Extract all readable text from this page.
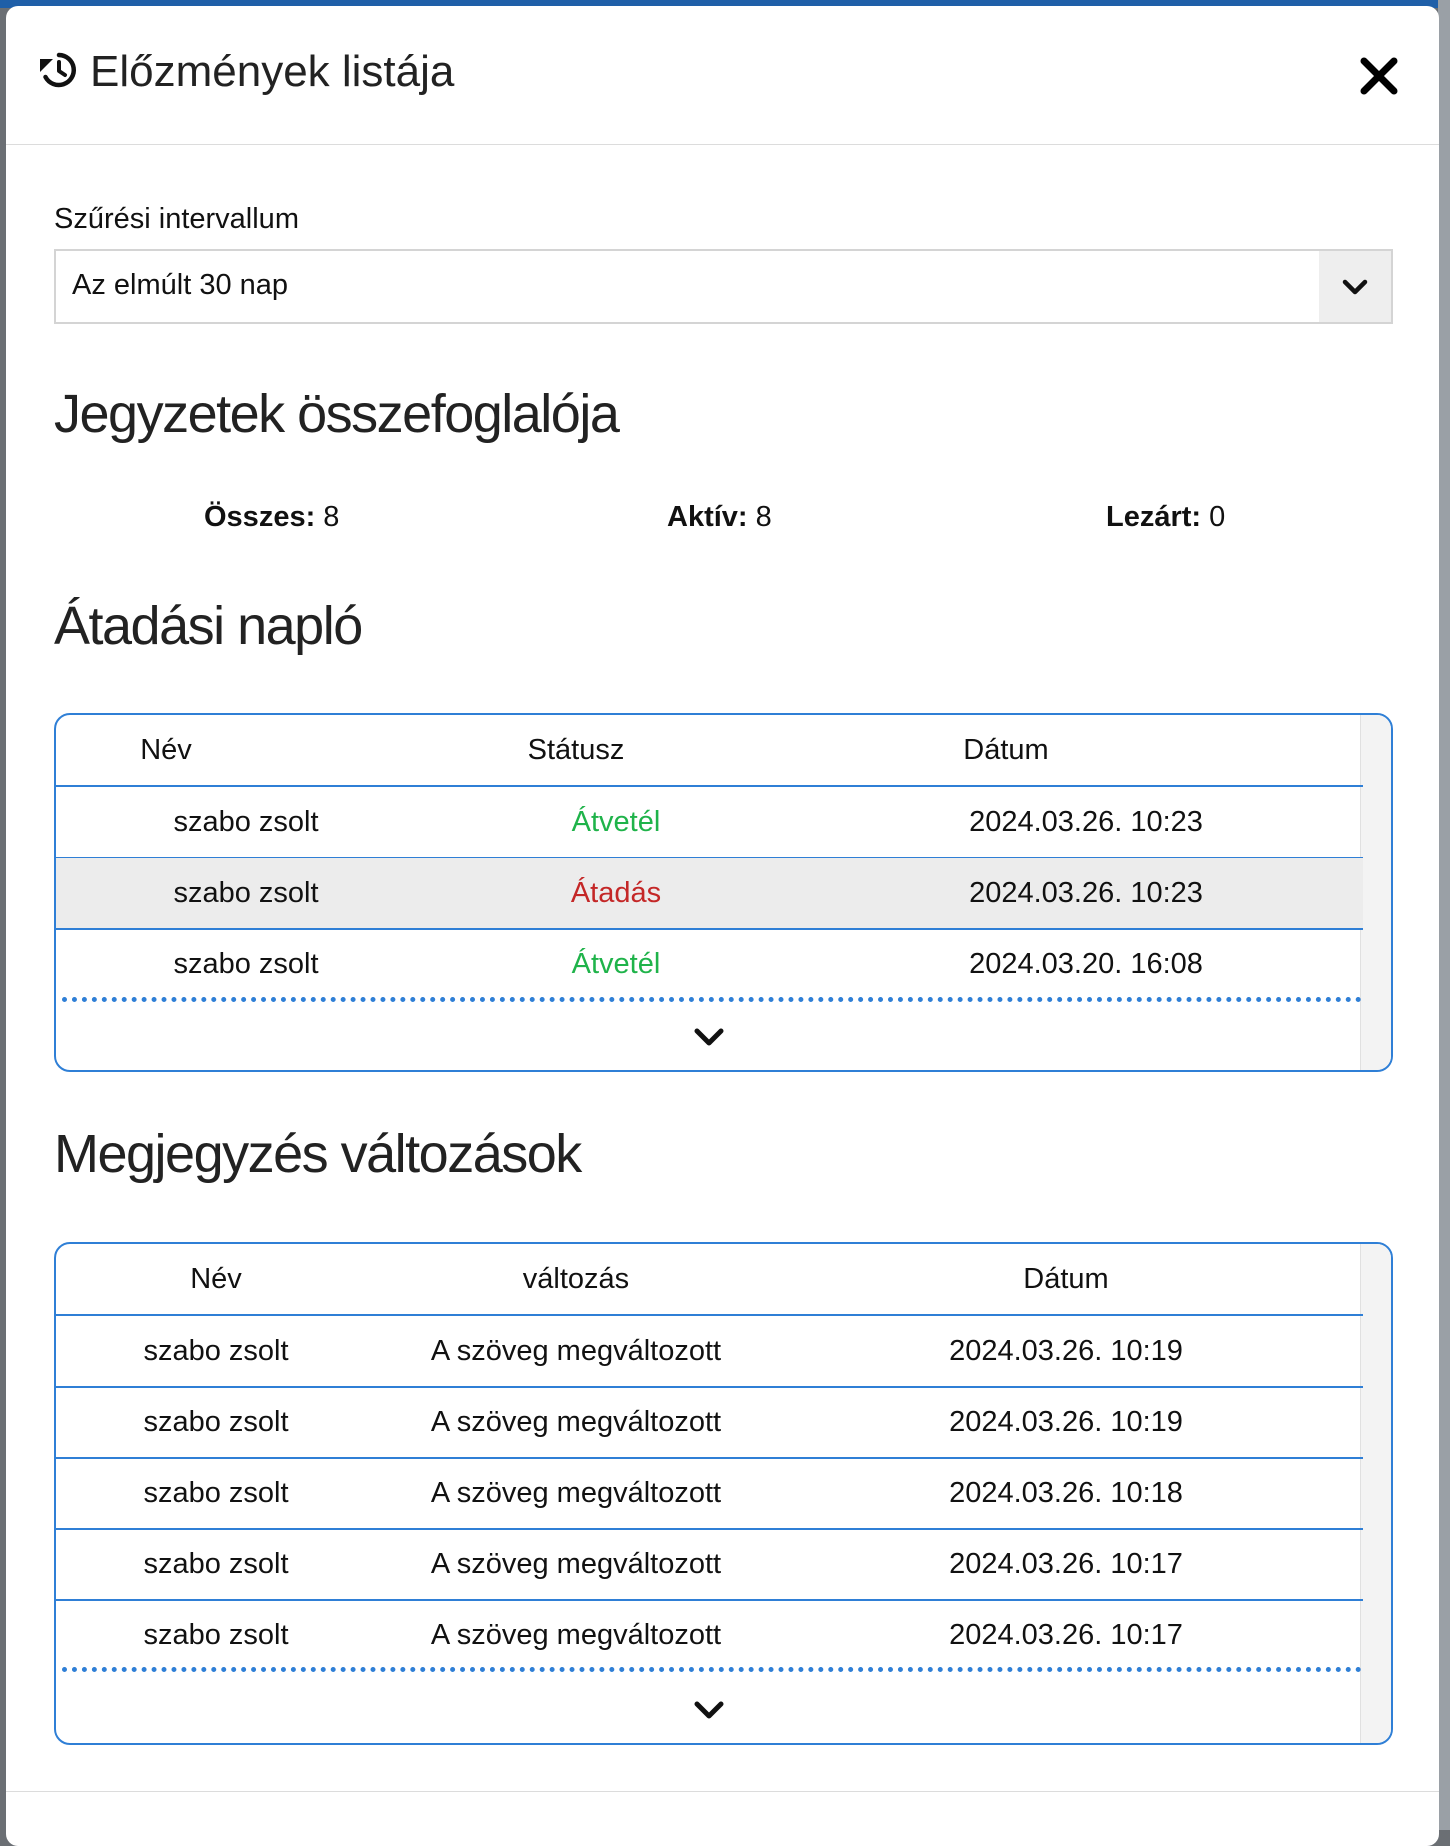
Előzmények listája
Szűrési intervallum
Az elmúlt 30 nap
Jegyzetek összefoglalója
Összes: 8	Aktív: 8	Lezárt: 0
Átadási napló
Név	Státusz	Dátum
szabo zsolt	Átvetél	2024.03.26. 10:23
szabo zsolt	Átadás	2024.03.26. 10:23
szabo zsolt	Átvetél	2024.03.20. 16:08
Megjegyzés változások
Név	változás	Dátum
szabo zsolt	A szöveg megváltozott	2024.03.26. 10:19
szabo zsolt	A szöveg megváltozott	2024.03.26. 10:19
szabo zsolt	A szöveg megváltozott	2024.03.26. 10:18
szabo zsolt	A szöveg megváltozott	2024.03.26. 10:17
szabo zsolt	A szöveg megváltozott	2024.03.26. 10:17
